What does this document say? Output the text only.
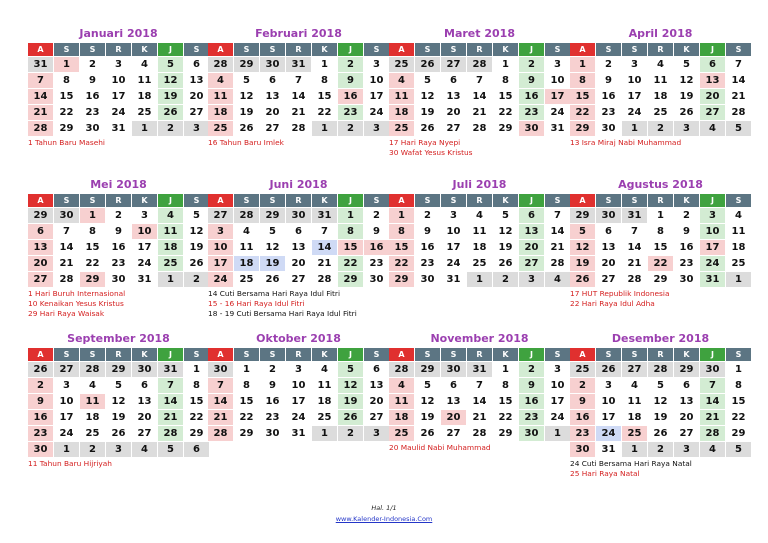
Januari 2018
A	S	S	R	K	J	S
31	1	2	3	4	5	6
7	8	9	10	11	12	13
14	15	16	17	18	19	20
21	22	23	24	25	26	27
28	29	30	31	1	2	3
1 Tahun Baru Masehi
Februari 2018
A	S	S	R	K	J	S
28	29	30	31	1	2	3
4	5	6	7	8	9	10
11	12	13	14	15	16	17
18	19	20	21	22	23	24
25	26	27	28	1	2	3
16 Tahun Baru Imlek
Maret 2018
A	S	S	R	K	J	S
25	26	27	28	1	2	3
4	5	6	7	8	9	10
11	12	13	14	15	16	17
18	19	20	21	22	23	24
25	26	27	28	29	30	31
17 Hari Raya Nyepi
30 Wafat Yesus Kristus
April 2018
A	S	S	R	K	J	S
1	2	3	4	5	6	7
8	9	10	11	12	13	14
15	16	17	18	19	20	21
22	23	24	25	26	27	28
29	30	1	2	3	4	5
13 Isra Miraj Nabi Muhammad
Mei 2018
A	S	S	R	K	J	S
29	30	1	2	3	4	5
6	7	8	9	10	11	12
13	14	15	16	17	18	19
20	21	22	23	24	25	26
27	28	29	30	31	1	2
1 Hari Buruh Internasional
10 Kenaikan Yesus Kristus
29 Hari Raya Waisak
Juni 2018
A	S	S	R	K	J	S
27	28	29	30	31	1	2
3	4	5	6	7	8	9
10	11	12	13	14	15	16
17	18	19	20	21	22	23
24	25	26	27	28	29	30
14 Cuti Bersama Hari Raya Idul Fitri
15 - 16 Hari Raya Idul Fitri
18 - 19 Cuti Bersama Hari Raya Idul Fitri
Juli 2018
A	S	S	R	K	J	S
1	2	3	4	5	6	7
8	9	10	11	12	13	14
15	16	17	18	19	20	21
22	23	24	25	26	27	28
29	30	31	1	2	3	4
Agustus 2018
A	S	S	R	K	J	S
29	30	31	1	2	3	4
5	6	7	8	9	10	11
12	13	14	15	16	17	18
19	20	21	22	23	24	25
26	27	28	29	30	31	1
17 HUT Republik Indonesia
22 Hari Raya Idul Adha
September 2018
A	S	S	R	K	J	S
26	27	28	29	30	31	1
2	3	4	5	6	7	8
9	10	11	12	13	14	15
16	17	18	19	20	21	22
23	24	25	26	27	28	29
30	1	2	3	4	5	6
11 Tahun Baru Hijriyah
Oktober 2018
A	S	S	R	K	J	S
30	1	2	3	4	5	6
7	8	9	10	11	12	13
14	15	16	17	18	19	20
21	22	23	24	25	26	27
28	29	30	31	1	2	3
November 2018
A	S	S	R	K	J	S
28	29	30	31	1	2	3
4	5	6	7	8	9	10
11	12	13	14	15	16	17
18	19	20	21	22	23	24
25	26	27	28	29	30	1
20 Maulid Nabi Muhammad
Desember 2018
A	S	S	R	K	J	S
25	26	27	28	29	30	1
2	3	4	5	6	7	8
9	10	11	12	13	14	15
16	17	18	19	20	21	22
23	24	25	26	27	28	29
30	31	1	2	3	4	5
24 Cuti Bersama Hari Raya Natal
25 Hari Raya Natal
Hal. 1/1
www.Kalender-Indonesia.Com
